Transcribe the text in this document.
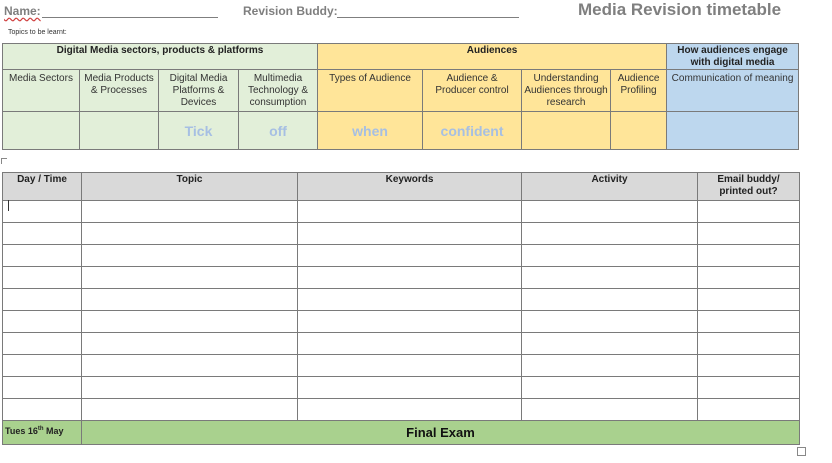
Name:	Revision Buddy:	Media Revision timetable
Topics to be learnt:
Digital Media sectors, products & platforms				Audiences				How audiences engage with digital media
Media Sectors	Media Products & Processes	Digital Media Platforms & Devices	Multimedia Technology & consumption	Types of Audience	Audience & Producer control	Understanding Audiences through research	Audience Profiling	Communication of meaning
		Tick	off	when	confident			
Day / Time	Topic	Keywords	Activity	Email buddy/ printed out?

Tues 16th May	Final Exam			
